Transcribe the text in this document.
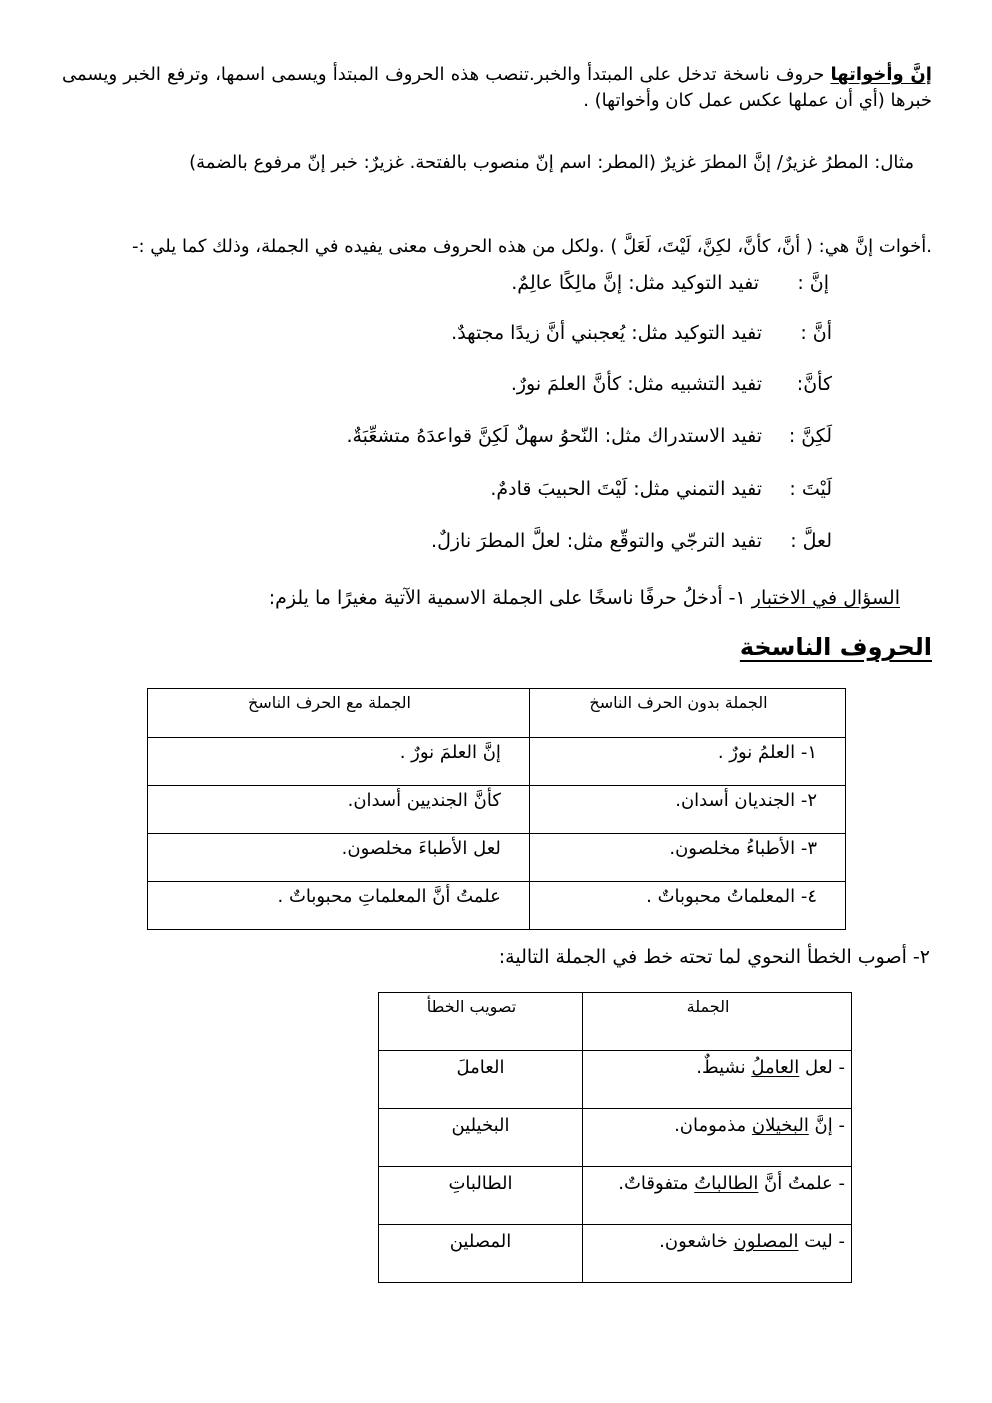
إنَّ وأخواتها حروف ناسخة تدخل على المبتدأ والخبر.تنصب هذه الحروف المبتدأ ويسمى اسمها، وترفع الخبر ويسمى خبرها (أي أن عملها عكس عمل كان وأخواتها) .
مثال: المطرُ غزيرٌ/ إنَّ المطرَ غزيرٌ (المطر: اسم إنّ منصوب بالفتحة. غزيرٌ: خبر إنّ مرفوع بالضمة)
.أخوات إنَّ هي: ( أنَّ، كأنَّ، لكِنَّ، لَيْتَ، لَعَلَّ ) .ولكل من هذه الحروف معنى يفيده في الجملة، وذلك كما يلي :-
إنَّ :تفيد التوكيد مثل: إنَّ مالِكًا عالِمٌ.
أنَّ :تفيد التوكيد مثل: يُعجبني أنَّ زيدًا مجتهدٌ.
كأنَّ:تفيد التشبيه مثل: كأنَّ العلمَ نورٌ.
لَكِنَّ :تفيد الاستدراك مثل: النّحوُ سهلٌ لَكِنَّ قواعدَهُ متشعِّبَةٌ.
لَيْتَ :تفيد التمني مثل: لَيْتَ الحبيبَ قادمٌ.
لعلَّ :تفيد الترجّي والتوقّع مثل: لعلَّ المطرَ نازلٌ.
السؤال في الاختبار ١- أدخلُ حرفًا ناسخًا على الجملة الاسمية الآتية مغيرًا ما يلزم:
الحروف الناسخة
الجملة بدون الحرف الناسخ	الجملة مع الحرف الناسخ
١- العلمُ نورٌ .	إنَّ العلمَ نورٌ .
٢- الجنديان أسدان.	كأنَّ الجنديين أسدان.
٣- الأطباءُ مخلصون.	لعل الأطباءَ مخلصون.
٤- المعلماتُ محبوباتٌ .	علمتُ أنَّ المعلماتِ محبوباتٌ .
٢- أصوب الخطأ النحوي لما تحته خط في الجملة التالية:
الجملة	تصويب الخطأ
- لعل العاملُ نشيطٌ.	العاملَ
- إنَّ البخيلان مذمومان.	البخيلين
- علمتُ أنَّ الطالباتُ متفوقاتٌ.	الطالباتِ
- ليت المصلون خاشعون.	المصلين
